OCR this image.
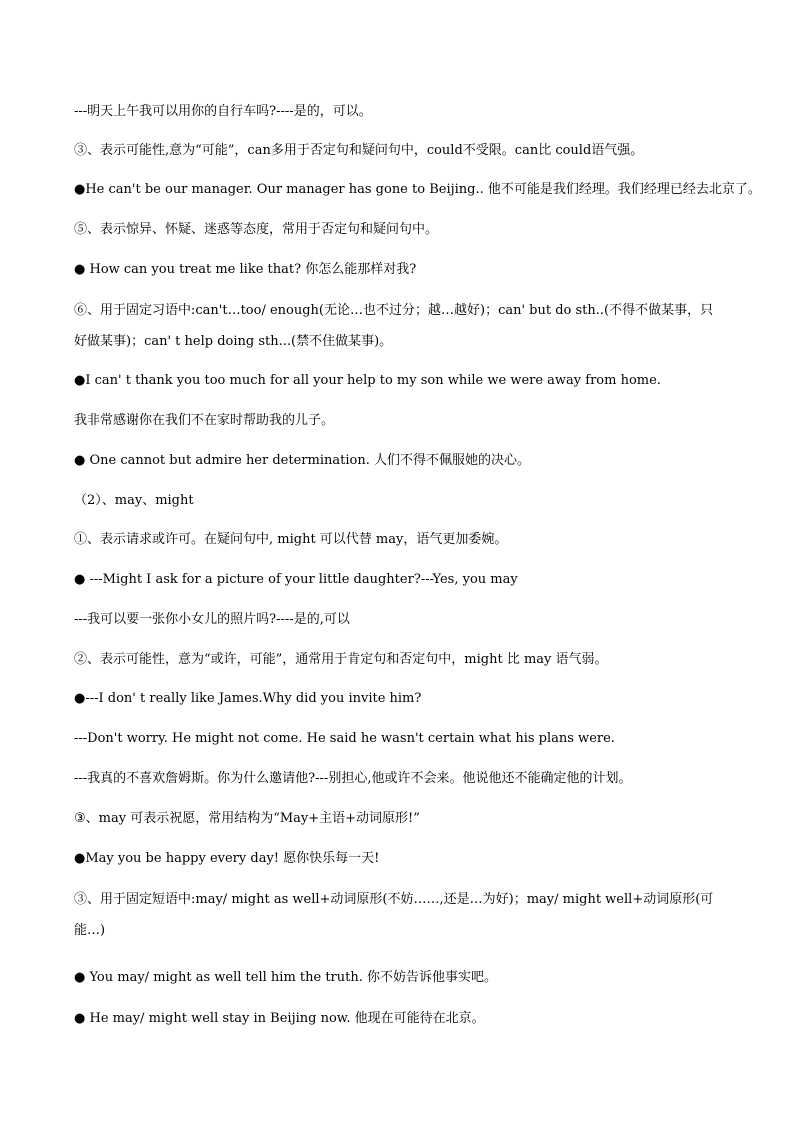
---明天上午我可以用你的自行车吗?----是的，可以。
③、表示可能性,意为“可能”，can多用于否定句和疑问句中，could不受限。can比 could语气强。
●He can't be our manager. Our manager has gone to Beijing.. 他不可能是我们经理。我们经理已经去北京了。
⑤、表示惊异、怀疑、迷惑等态度，常用于否定句和疑问句中。
● How can you treat me like that? 你怎么能那样对我?
⑥、用于固定习语中:can't…too/ enough(无论…也不过分；越…越好)；can' but do sth..(不得不做某事，只好做某事)；can' t help doing sth...(禁不住做某事)。
●I can' t thank you too much for all your help to my son while we were away from home.
我非常感谢你在我们不在家时帮助我的儿子。
● One cannot but admire her determination. 人们不得不佩服她的决心。
（2）、may、might
①、表示请求或许可。在疑问句中, might 可以代替 may，语气更加委婉。
● ---Might I ask for a picture of your little daughter?---Yes, you may
---我可以要一张你小女儿的照片吗?----是的,可以
②、表示可能性，意为“或许，可能”，通常用于肯定句和否定句中，might 比 may 语气弱。
●---I don' t really like James.Why did you invite him?
---Don't worry. He might not come. He said he wasn't certain what his plans were.
---我真的不喜欢詹姆斯。你为什么邀请他?---别担心,他或许不会来。他说他还不能确定他的计划。
③、may 可表示祝愿，常用结构为“May+主语+动词原形!”
●May you be happy every day! 愿你快乐每一天!
③、用于固定短语中:may/ might as well+动词原形(不妨……,还是…为好)；may/ might well+动词原形(可能…)
● You may/ might as well tell him the truth. 你不妨告诉他事实吧。
● He may/ might well stay in Beijing now. 他现在可能待在北京。
